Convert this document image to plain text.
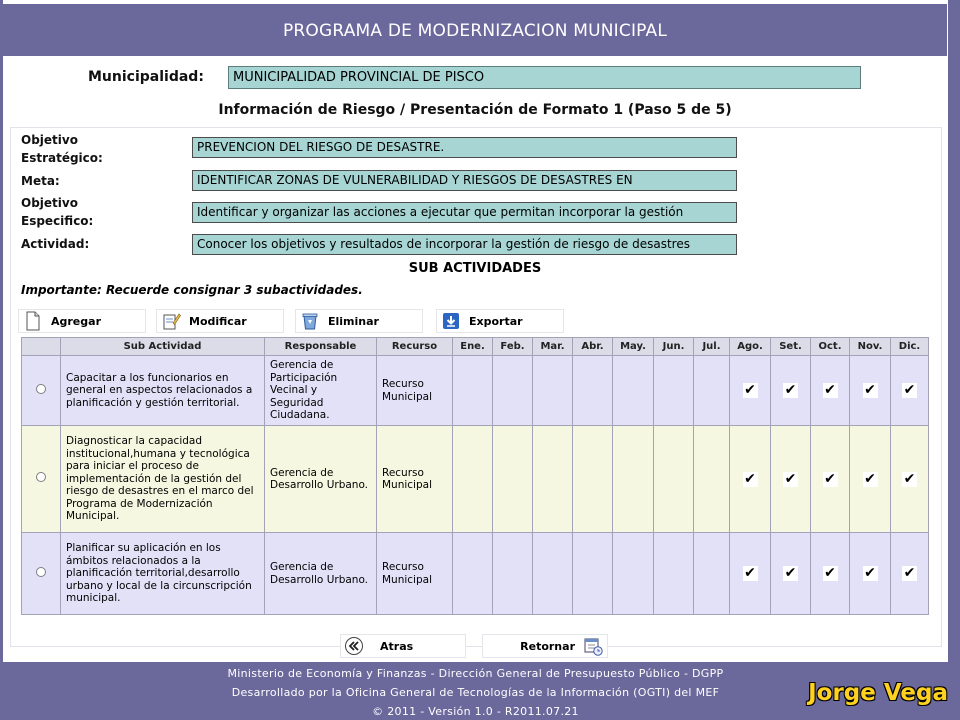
PROGRAMA DE MODERNIZACION MUNICIPAL
Municipalidad:	MUNICIPALIDAD PROVINCIAL DE PISCO
Información de Riesgo / Presentación de Formato 1 (Paso 5 de 5)
Objetivo
Estratégico:
PREVENCION DEL RIESGO DE DESASTRE.
Meta:	IDENTIFICAR ZONAS DE VULNERABILIDAD Y RIESGOS DE DESASTRES EN
Objetivo
Especifico:
Identificar y organizar las acciones a ejecutar que permitan incorporar la gestión
Actividad:	Conocer los objetivos y resultados de incorporar la gestión de riesgo de desastres
SUB ACTIVIDADES
Importante: Recuerde consignar 3 subactividades.
Agregar	Modificar	Eliminar	Exportar
	Sub Actividad	Responsable	Recurso	Ene.	Feb.	Mar.	Abr.	May.	Jun.	Jul.	Ago.	Set.	Oct.	Nov.	Dic.
	Capacitar a los funcionarios en general en aspectos relacionados a planificación y gestión territorial.	Gerencia de Participación Vecinal y Seguridad Ciudadana.	Recurso Municipal								✔	✔	✔	✔	✔
	Diagnosticar la capacidad institucional,humana y tecnológica para iniciar el proceso de implementación de la gestión del riesgo de desastres en el marco del Programa de Modernización Municipal.	Gerencia de Desarrollo Urbano.	Recurso Municipal								✔	✔	✔	✔	✔
	Planificar su aplicación en los ámbitos relacionados a la planificación territorial,desarrollo urbano y local de la circunscripción municipal.	Gerencia de Desarrollo Urbano.	Recurso Municipal								✔	✔	✔	✔	✔
Atras	Retornar
Ministerio de Economía y Finanzas - Dirección General de Presupuesto Público - DGPP
Desarrollado por la Oficina General de Tecnologías de la Información (OGTI) del MEF
© 2011 - Versión 1.0 - R2011.07.21
Jorge Vega
